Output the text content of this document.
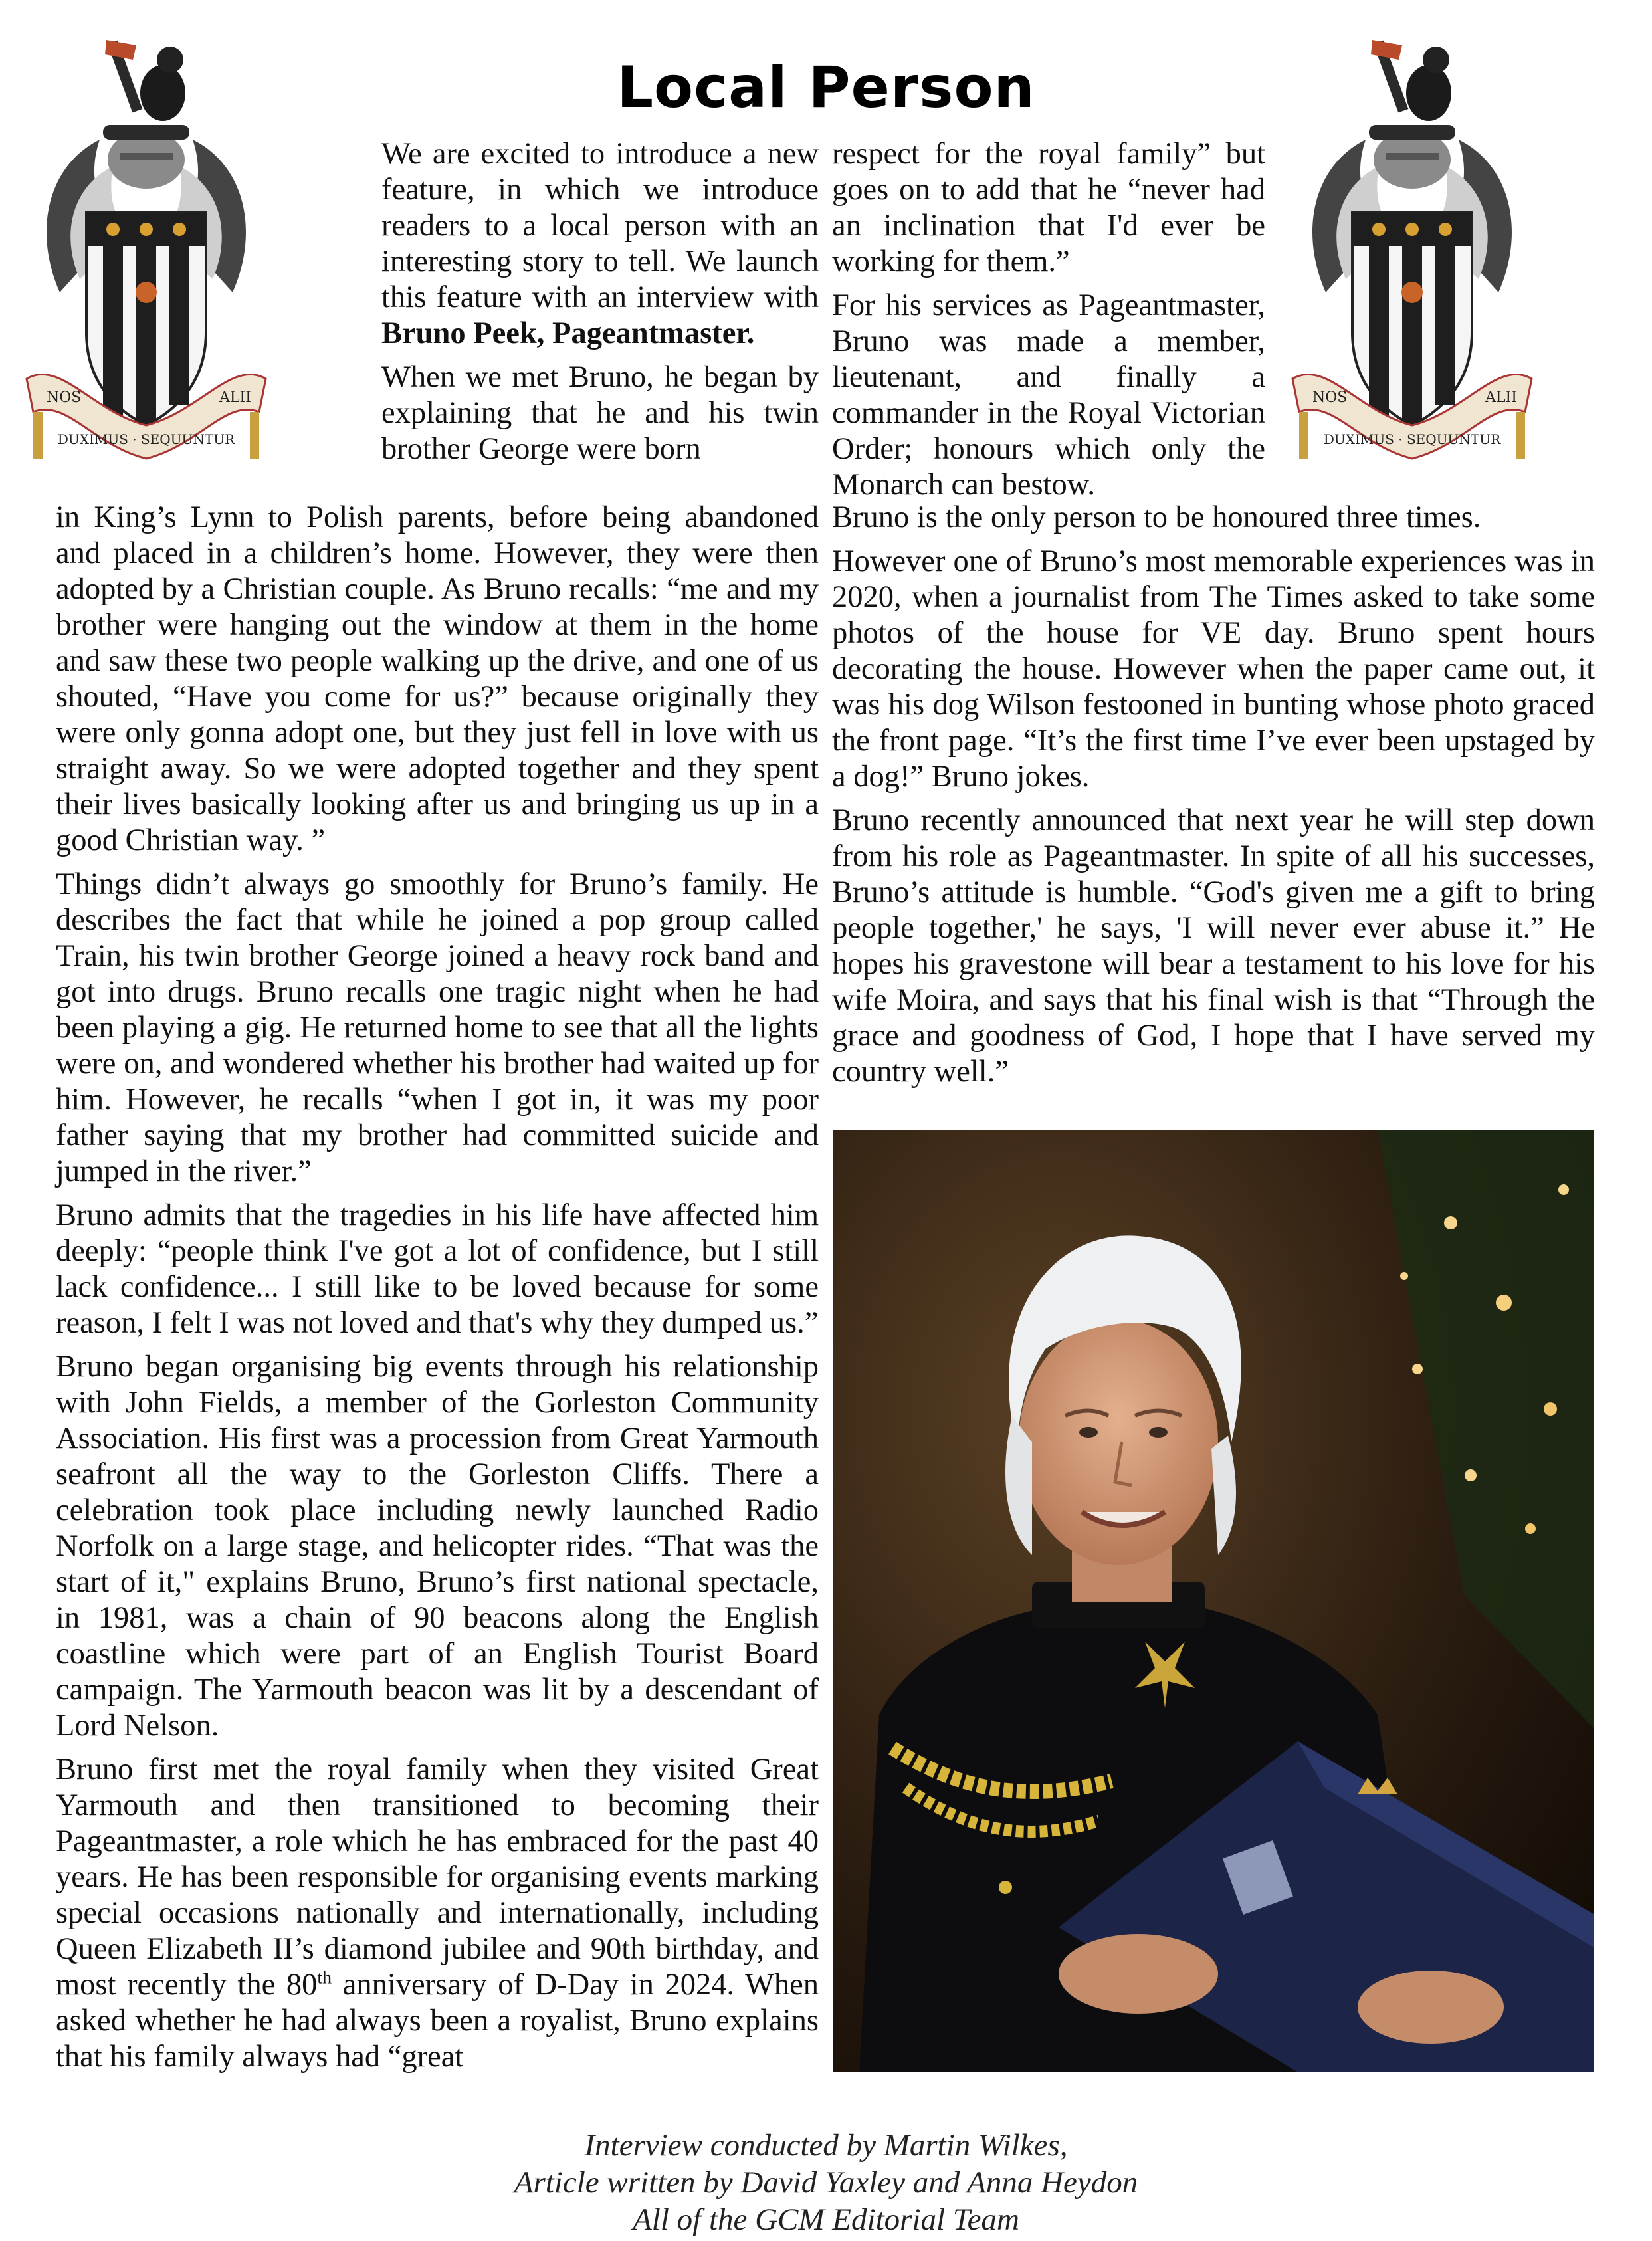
Local Person
NOS
DUXIMUS · SEQUUNTUR
ALII	NOS
DUXIMUS · SEQUUNTUR
ALII

We are excited to introduce a new feature, in which we introduce readers to a local person with an interesting story to tell. We launch this feature with an interview with Bruno Peek, Pageantmaster.

When we met Bruno, he began by explaining that he and his twin brother George were born

in King’s Lynn to Polish parents, before being abandoned and placed in a children’s home. However, they were then adopted by a Christian couple. As Bruno recalls: “me and my brother were hanging out the window at them in the home and saw these two people walking up the drive, and one of us shouted, “Have you come for us?” because originally they were only gonna adopt one, but they just fell in love with us straight away. So we were adopted together and they spent their lives basically looking after us and bringing us up in a good Christian way. ”

Things didn’t always go smoothly for Bruno’s family. He describes the fact that while he joined a pop group called Train, his twin brother George joined a heavy rock band and got into drugs. Bruno recalls one tragic night when he had been playing a gig. He returned home to see that all the lights were on, and wondered whether his brother had waited up for him. However, he recalls “when I got in, it was my poor father saying that my brother had committed suicide and jumped in the river.”

Bruno admits that the tragedies in his life have affected him deeply: “people think I've got a lot of confidence, but I still lack confidence... I still like to be loved because for some reason, I felt I was not loved and that's why they dumped us.”

Bruno began organising big events through his relationship with John Fields, a member of the Gorleston Community Association. His first was a procession from Great Yarmouth seafront all the way to the Gorleston Cliffs. There a celebration took place including newly launched Radio Norfolk on a large stage, and helicopter rides. “That was the start of it," explains Bruno, Bruno’s first national spectacle, in 1981, was a chain of 90 beacons along the English coastline which were part of an English Tourist Board campaign. The Yarmouth beacon was lit by a descendant of Lord Nelson.

Bruno first met the royal family when they visited Great Yarmouth and then transitioned to becoming their Pageantmaster, a role which he has embraced for the past 40 years. He has been responsible for organising events marking special occasions nationally and internationally, including Queen Elizabeth II’s diamond jubilee and 90th birthday, and most recently the 80th anniversary of D-Day in 2024. When asked whether he had always been a royalist, Bruno explains that his family always had “great

respect for the royal family” but goes on to add that he “never had an inclination that I'd ever be working for them.”

For his services as Pageantmaster, Bruno was made a member, lieutenant, and finally a commander in the Royal Victorian Order; honours which only the Monarch can bestow.

Bruno is the only person to be honoured three times.

However one of Bruno’s most memorable experiences was in 2020, when a journalist from The Times asked to take some photos of the house for VE day. Bruno spent hours decorating the house. However when the paper came out, it was his dog Wilson festooned in bunting whose photo graced the front page. “It’s the first time I’ve ever been upstaged by a dog!” Bruno jokes.

Bruno recently announced that next year he will step down from his role as Pageantmaster. In spite of all his successes, Bruno’s attitude is humble. “God's given me a gift to bring people together,' he says, 'I will never ever abuse it.” He hopes his gravestone will bear a testament to his love for his wife Moira, and says that his final wish is that “Through the grace and goodness of God, I hope that I have served my country well.”

Interview conducted by Martin Wilkes,
Article written by David Yaxley and Anna Heydon
All of the GCM Editorial Team
